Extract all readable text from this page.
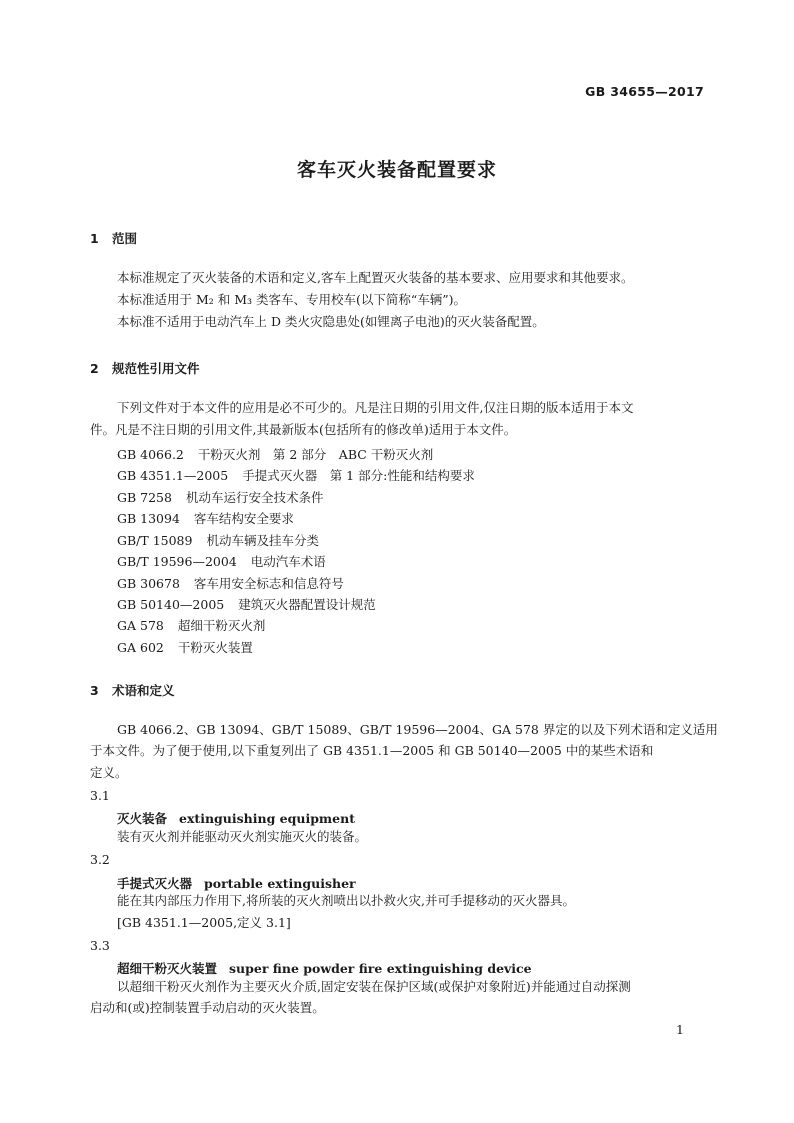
GB 34655—2017
客车灭火装备配置要求
1 范围
本标准规定了灭火装备的术语和定义,客车上配置灭火装备的基本要求、应用要求和其他要求。
本标准适用于 M₂ 和 M₃ 类客车、专用校车(以下简称“车辆”)。
本标准不适用于电动汽车上 D 类火灾隐患处(如锂离子电池)的灭火装备配置。
2 规范性引用文件
下列文件对于本文件的应用是必不可少的。凡是注日期的引用文件,仅注日期的版本适用于本文
件。凡是不注日期的引用文件,其最新版本(包括所有的修改单)适用于本文件。
GB 4066.2 干粉灭火剂　第 2 部分　ABC 干粉灭火剂
GB 4351.1—2005 手提式灭火器　第 1 部分:性能和结构要求
GB 7258 机动车运行安全技术条件
GB 13094 客车结构安全要求
GB/T 15089 机动车辆及挂车分类
GB/T 19596—2004 电动汽车术语
GB 30678 客车用安全标志和信息符号
GB 50140—2005 建筑灭火器配置设计规范
GA 578 超细干粉灭火剂
GA 602 干粉灭火装置
3 术语和定义
GB 4066.2、GB 13094、GB/T 15089、GB/T 19596—2004、GA 578 界定的以及下列术语和定义适用
于本文件。为了便于使用,以下重复列出了 GB 4351.1—2005 和 GB 50140—2005 中的某些术语和
定义。
3.1
灭火装备 extinguishing equipment
装有灭火剂并能驱动灭火剂实施灭火的装备。
3.2
手提式灭火器 portable extinguisher
能在其内部压力作用下,将所装的灭火剂喷出以扑救火灾,并可手提移动的灭火器具。
[GB 4351.1—2005,定义 3.1]
3.3
超细干粉灭火装置 super fine powder fire extinguishing device
以超细干粉灭火剂作为主要灭火介质,固定安装在保护区域(或保护对象附近)并能通过自动探测
启动和(或)控制装置手动启动的灭火装置。
1
